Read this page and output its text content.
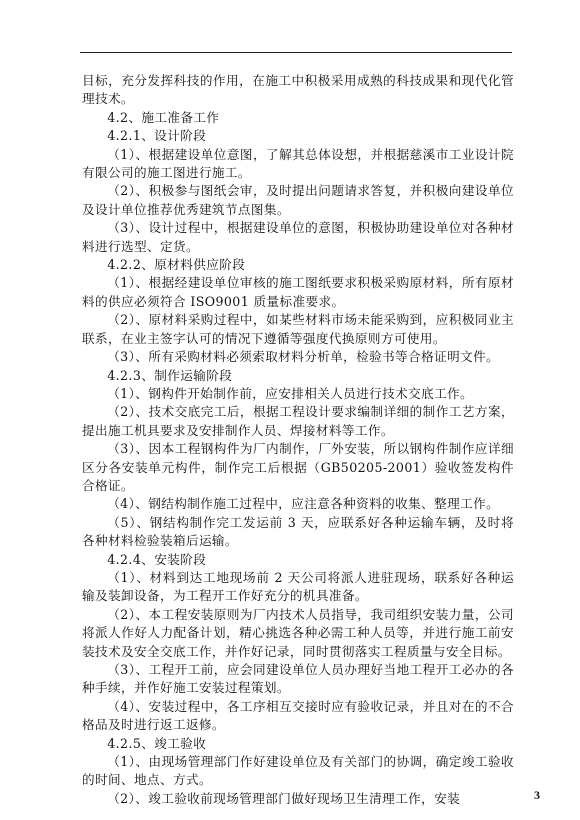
目标，充分发挥科技的作用，在施工中积极采用成熟的科技成果和现代化管理技术。

4.2、施工准备工作

4.2.1、设计阶段

（1）、根据建设单位意图，了解其总体设想，并根据慈溪市工业设计院有限公司的施工图进行施工。

（2）、积极参与图纸会审，及时提出问题请求答复，并积极向建设单位及设计单位推荐优秀建筑节点图集。

（3）、设计过程中，根据建设单位的意图，积极协助建设单位对各种材料进行选型、定货。

4.2.2、原材料供应阶段

（1）、根据经建设单位审核的施工图纸要求积极采购原材料，所有原材料的供应必须符合 ISO9001 质量标准要求。

（2）、原材料采购过程中，如某些材料市场未能采购到，应积极同业主联系，在业主签字认可的情况下遵循等强度代换原则方可使用。

（3）、所有采购材料必须索取材料分析单，检验书等合格证明文件。

4.2.3、制作运输阶段

（1）、钢构件开始制作前，应安排相关人员进行技术交底工作。

（2）、技术交底完工后，根据工程设计要求编制详细的制作工艺方案，提出施工机具要求及安排制作人员、焊接材料等工作。

（3）、因本工程钢构件为厂内制作，厂外安装，所以钢构件制作应详细区分各安装单元构件，制作完工后根据（GB50205-2001）验收签发构件合格证。

（4）、钢结构制作施工过程中，应注意各种资料的收集、整理工作。

（5）、钢结构制作完工发运前 3 天，应联系好各种运输车辆，及时将各种材料检验装箱后运输。

4.2.4、安装阶段

（1）、材料到达工地现场前 2 天公司将派人进驻现场，联系好各种运输及装卸设备，为工程开工作好充分的机具准备。

（2）、本工程安装原则为厂内技术人员指导，我司组织安装力量，公司将派人作好人力配备计划，精心挑选各种必需工种人员等，并进行施工前安装技术及安全交底工作，并作好记录，同时贯彻落实工程质量与安全目标。

（3）、工程开工前，应会同建设单位人员办理好当地工程开工必办的各种手续，并作好施工安装过程策划。

（4）、安装过程中，各工序相互交接时应有验收记录，并且对在的不合格品及时进行返工返修。

4.2.5、竣工验收

（1）、由现场管理部门作好建设单位及有关部门的协调，确定竣工验收的时间、地点、方式。

（2）、竣工验收前现场管理部门做好现场卫生清理工作，安装	3
